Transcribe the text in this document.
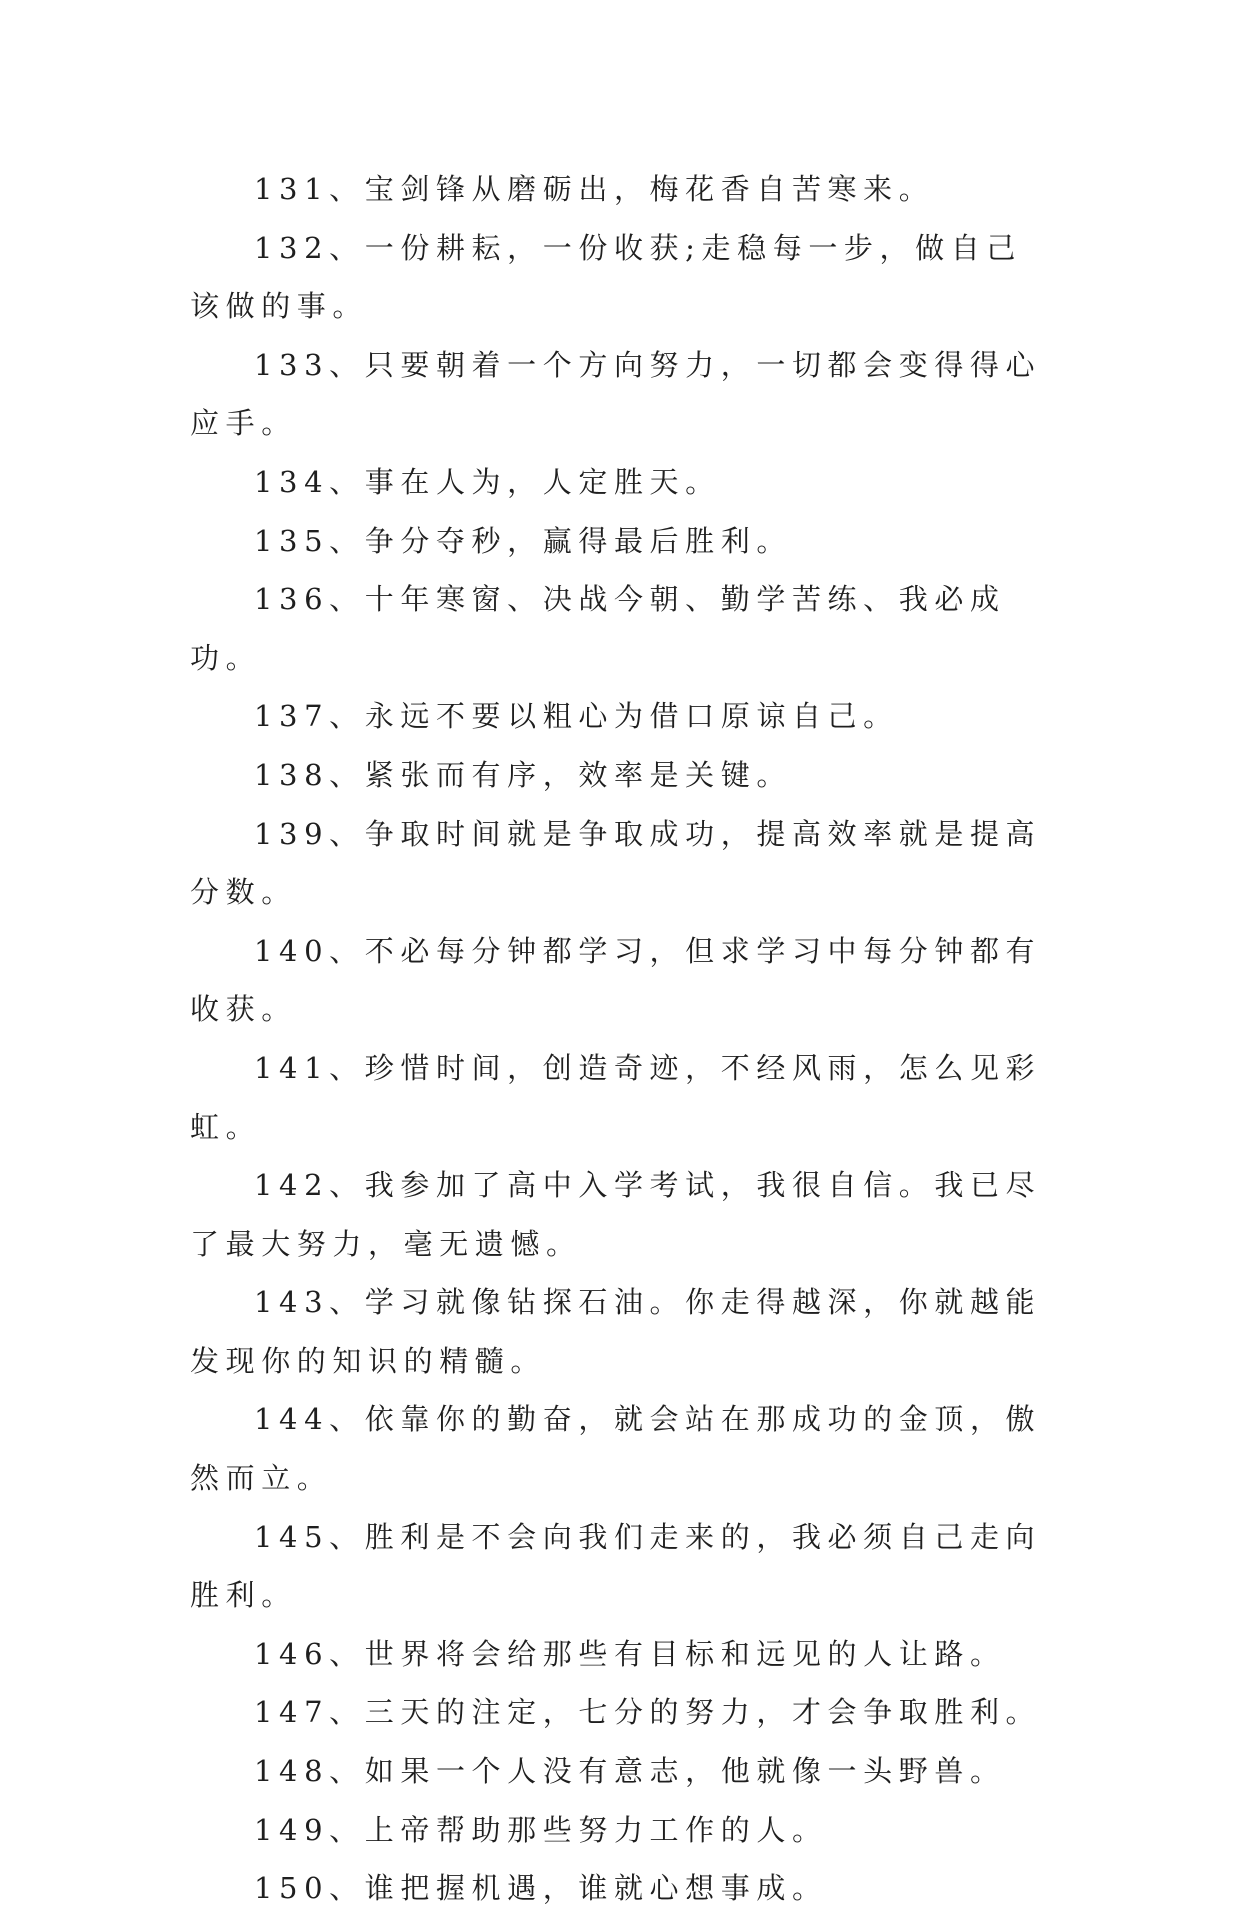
131、宝剑锋从磨砺出，梅花香自苦寒来。

132、一份耕耘，一份收获;走稳每一步，做自己该做的事。

133、只要朝着一个方向努力，一切都会变得得心应手。

134、事在人为，人定胜天。

135、争分夺秒，赢得最后胜利。

136、十年寒窗、决战今朝、勤学苦练、我必成功。

137、永远不要以粗心为借口原谅自己。

138、紧张而有序，效率是关键。

139、争取时间就是争取成功，提高效率就是提高分数。

140、不必每分钟都学习，但求学习中每分钟都有收获。

141、珍惜时间，创造奇迹，不经风雨，怎么见彩虹。

142、我参加了高中入学考试，我很自信。我已尽了最大努力，毫无遗憾。

143、学习就像钻探石油。你走得越深，你就越能发现你的知识的精髓。

144、依靠你的勤奋，就会站在那成功的金顶，傲然而立。

145、胜利是不会向我们走来的，我必须自己走向胜利。

146、世界将会给那些有目标和远见的人让路。

147、三天的注定，七分的努力，才会争取胜利。

148、如果一个人没有意志，他就像一头野兽。

149、上帝帮助那些努力工作的人。

150、谁把握机遇，谁就心想事成。
